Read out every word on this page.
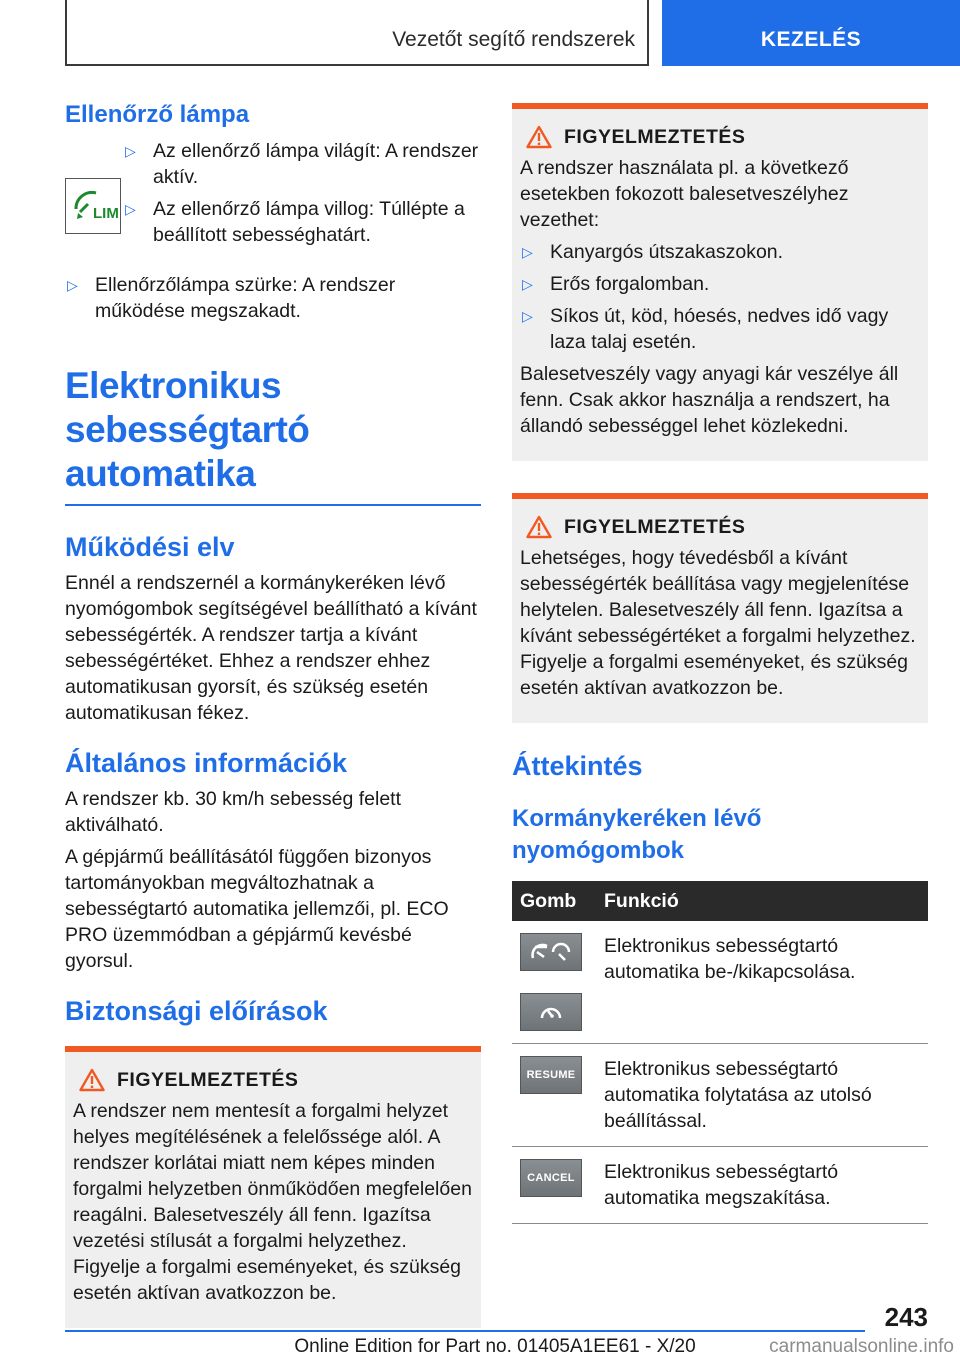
Vezetőt segítő rendszerek	KEZELÉS
Ellenőrző lámpa
LIM
▷ Az ellenőrző lámpa világít: A rendszer aktív.
▷ Az ellenőrző lámpa villog: Túllépte a beállított sebességhatárt.
▷ Ellenőrzőlámpa szürke: A rendszer működése megszakadt.
Elektronikus sebességtartó automatika
Működési elv

Ennél a rendszernél a kormánykeréken lévő nyomógombok segítségével beállítható a kívánt sebességérték. A rendszer tartja a kívánt sebességértéket. Ehhez a rendszer ehhez automatikusan gyorsít, és szükség esetén automatikusan fékez.

Általános információk

A rendszer kb. 30 km/h sebesség felett aktiválható.

A gépjármű beállításától függően bizonyos tartományokban megváltozhatnak a sebességtartó automatika jellemzői, pl. ECO PRO üzemmódban a gépjármű kevésbé gyorsul.

Biztonsági előírások
FIGYELMEZTETÉS

A rendszer nem mentesít a forgalmi helyzet helyes megítélésének a felelőssége alól. A rendszer korlátai miatt nem képes minden forgalmi helyzetben önműködően megfelelően reagálni. Balesetveszély áll fenn. Igazítsa vezetési stílusát a forgalmi helyzethez. Figyelje a forgalmi eseményeket, és szükség esetén aktívan avatkozzon be.

FIGYELMEZTETÉS

A rendszer használata pl. a következő esetekben fokozott balesetveszélyhez vezethet:

▷ Kanyargós útszakaszokon.
▷ Erős forgalomban.
▷ Síkos út, köd, hóesés, nedves idő vagy laza talaj esetén.

Balesetveszély vagy anyagi kár veszélye áll fenn. Csak akkor használja a rendszert, ha állandó sebességgel lehet közlekedni.

FIGYELMEZTETÉS

Lehetséges, hogy tévedésből a kívánt sebességérték beállítása vagy megjelenítése helytelen. Balesetveszély áll fenn. Igazítsa a kívánt sebességértéket a forgalmi helyzethez. Figyelje a forgalmi eseményeket, és szükség esetén aktívan avatkozzon be.

Áttekintés
Kormánykeréken lévő nyomógombok
Gomb	Funkció

	Elektronikus sebességtartó automatika be-/kikapcsolása.

RESUME	Elektronikus sebességtartó automatika folytatása az utolsó beállítással.

CANCEL	Elektronikus sebességtartó automatika megszakítása.
243
Online Edition for Part no. 01405A1EE61 - X/20	carmanualsonline.info
